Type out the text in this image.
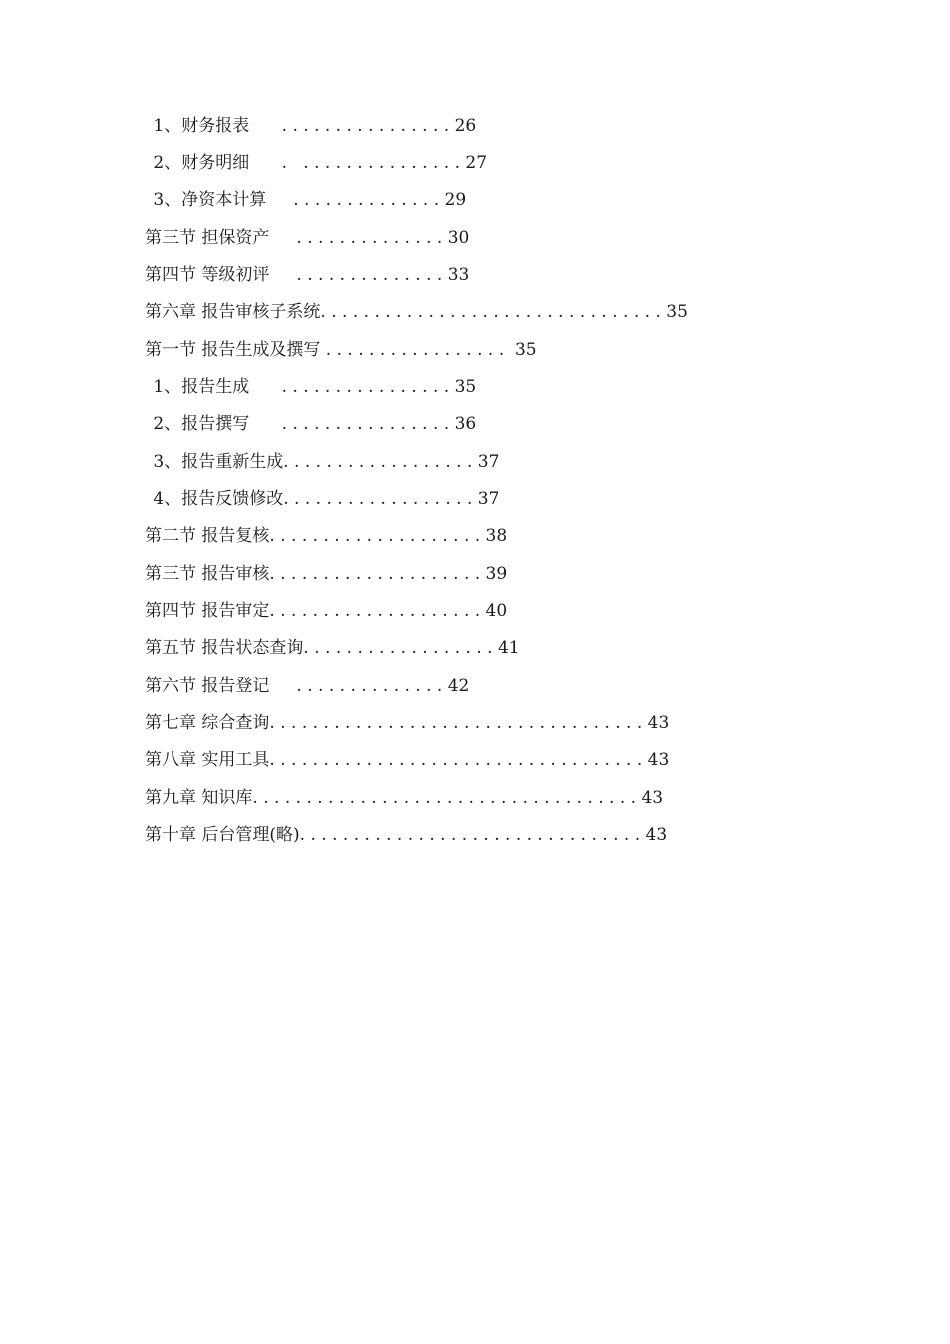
1、财务报表      . . . . . . . . . . . . . . . . 26
2、财务明细      .   . . . . . . . . . . . . . . . 27
3、净资本计算     . . . . . . . . . . . . . . 29
第三节 担保资产     . . . . . . . . . . . . . . 30
第四节 等级初评     . . . . . . . . . . . . . . 33
第六章 报告审核子系统. . . . . . . . . . . . . . . . . . . . . . . . . . . . . . . . 35
第一节 报告生成及撰写 . . . . . . . . . . . . . . . . .  35
1、报告生成      . . . . . . . . . . . . . . . . 35
2、报告撰写      . . . . . . . . . . . . . . . . 36
3、报告重新生成. . . . . . . . . . . . . . . . . . 37
4、报告反馈修改. . . . . . . . . . . . . . . . . . 37
第二节 报告复核. . . . . . . . . . . . . . . . . . . . 38
第三节 报告审核. . . . . . . . . . . . . . . . . . . . 39
第四节 报告审定. . . . . . . . . . . . . . . . . . . . 40
第五节 报告状态查询. . . . . . . . . . . . . . . . . . 41
第六节 报告登记     . . . . . . . . . . . . . . 42
第七章 综合查询. . . . . . . . . . . . . . . . . . . . . . . . . . . . . . . . . . . 43
第八章 实用工具. . . . . . . . . . . . . . . . . . . . . . . . . . . . . . . . . . . 43
第九章 知识库. . . . . . . . . . . . . . . . . . . . . . . . . . . . . . . . . . . . 43
第十章 后台管理(略). . . . . . . . . . . . . . . . . . . . . . . . . . . . . . . . 43
